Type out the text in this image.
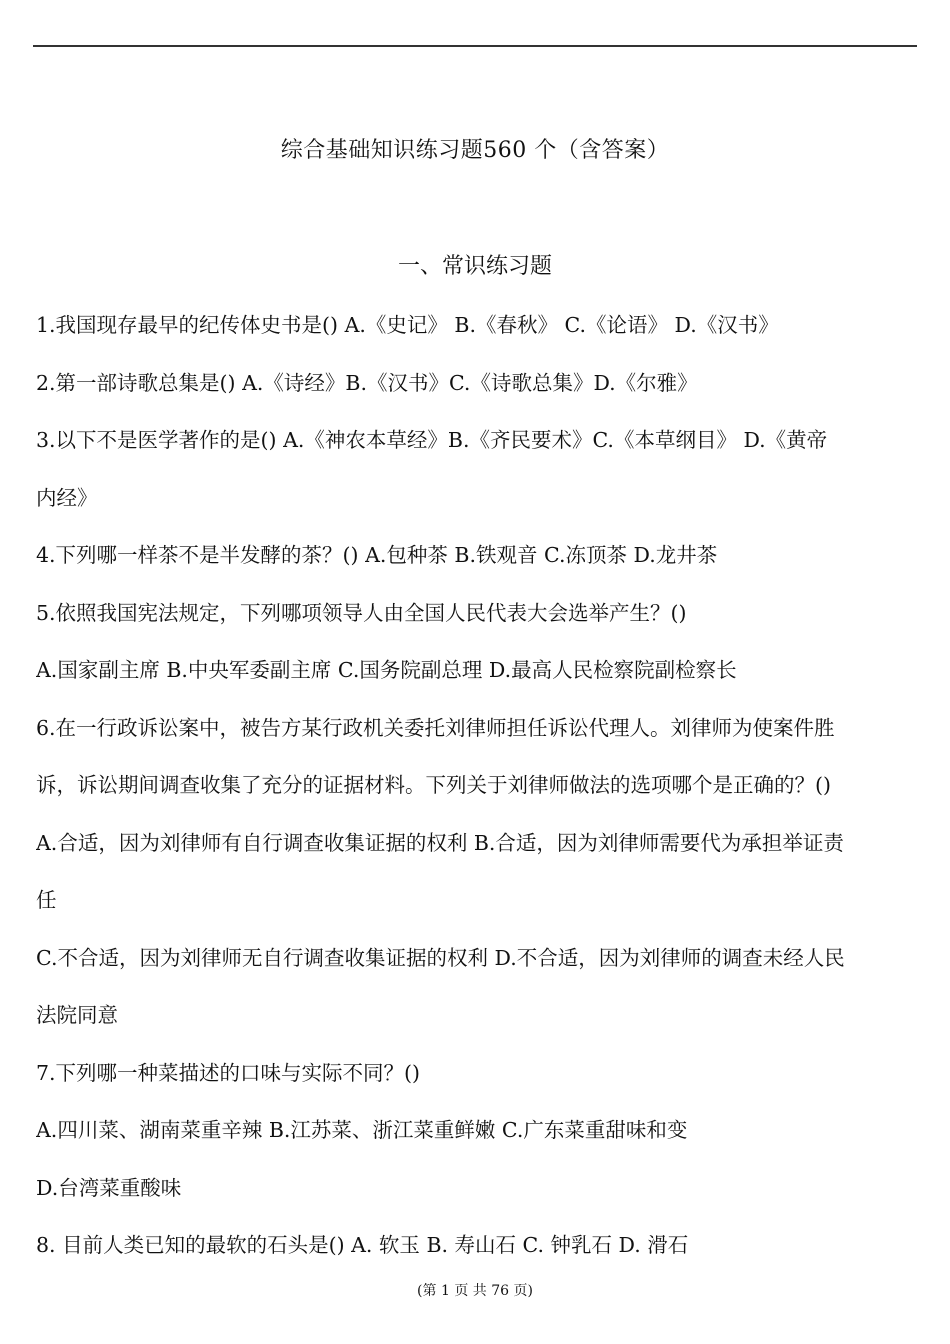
综合基础知识练习题560 个（含答案）
一、常识练习题
1.我国现存最早的纪传体史书是() A.《史记》 B.《春秋》 C.《论语》 D.《汉书》
2.第一部诗歌总集是() A.《诗经》B.《汉书》C.《诗歌总集》D.《尔雅》
3.以下不是医学著作的是() A.《神农本草经》B.《齐民要术》C.《本草纲目》 D.《黄帝
内经》
4.下列哪一样茶不是半发酵的茶？() A.包种茶 B.铁观音 C.冻顶茶 D.龙井茶
5.依照我国宪法规定，下列哪项领导人由全国人民代表大会选举产生？()
A.国家副主席 B.中央军委副主席 C.国务院副总理 D.最高人民检察院副检察长
6.在一行政诉讼案中，被告方某行政机关委托刘律师担任诉讼代理人。刘律师为使案件胜
诉，诉讼期间调查收集了充分的证据材料。下列关于刘律师做法的选项哪个是正确的？()
A.合适，因为刘律师有自行调查收集证据的权利 B.合适，因为刘律师需要代为承担举证责
任
C.不合适，因为刘律师无自行调查收集证据的权利 D.不合适，因为刘律师的调查未经人民
法院同意
7.下列哪一种菜描述的口味与实际不同？()
A.四川菜、湖南菜重辛辣 B.江苏菜、浙江菜重鲜嫩 C.广东菜重甜味和变
D.台湾菜重酸味
8. 目前人类已知的最软的石头是() A. 软玉 B. 寿山石 C. 钟乳石 D. 滑石
(第 1 页 共 76 页)
